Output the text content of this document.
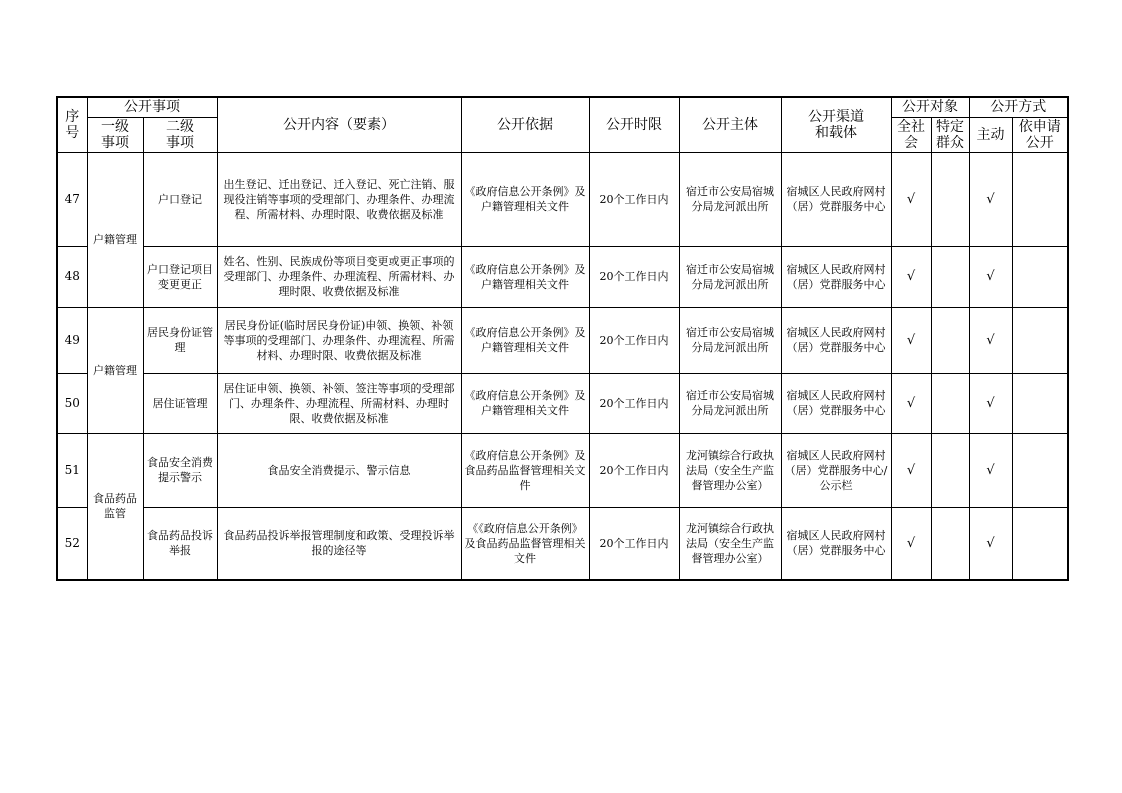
序号	公开事项		公开内容（要素）	公开依据	公开时限	公开主体	公开渠道和载体	公开对象		公开方式	
	一级事项	二级事项						全社会	特定群众	主动	依申请公开
47	户籍管理	户口登记	出生登记、迁出登记、迁入登记、死亡注销、服现役注销等事项的受理部门、办理条件、办理流程、所需材料、办理时限、收费依据及标准	《政府信息公开条例》及户籍管理相关文件	20个工作日内	宿迁市公安局宿城分局龙河派出所	宿城区人民政府网村（居）党群服务中心	√		√	
48		户口登记项目变更更正	姓名、性别、民族成份等项目变更或更正事项的受理部门、办理条件、办理流程、所需材料、办理时限、收费依据及标准	《政府信息公开条例》及户籍管理相关文件	20个工作日内	宿迁市公安局宿城分局龙河派出所	宿城区人民政府网村（居）党群服务中心	√		√	
49	户籍管理	居民身份证管理	居民身份证(临时居民身份证)申领、换领、补领等事项的受理部门、办理条件、办理流程、所需材料、办理时限、收费依据及标准	《政府信息公开条例》及户籍管理相关文件	20个工作日内	宿迁市公安局宿城分局龙河派出所	宿城区人民政府网村（居）党群服务中心	√		√	
50		居住证管理	居住证申领、换领、补领、签注等事项的受理部门、办理条件、办理流程、所需材料、办理时限、收费依据及标准	《政府信息公开条例》及户籍管理相关文件	20个工作日内	宿迁市公安局宿城分局龙河派出所	宿城区人民政府网村（居）党群服务中心	√		√	
51	食品药品监管	食品安全消费提示警示	食品安全消费提示、警示信息	《政府信息公开条例》及食品药品监督管理相关文件	20个工作日内	龙河镇综合行政执法局（安全生产监督管理办公室）	宿城区人民政府网村（居）党群服务中心/公示栏	√		√	
52		食品药品投诉举报	食品药品投诉举报管理制度和政策、受理投诉举报的途径等	《《政府信息公开条例》及食品药品监督管理相关文件	20个工作日内	龙河镇综合行政执法局（安全生产监督管理办公室）	宿城区人民政府网村（居）党群服务中心	√		√	
